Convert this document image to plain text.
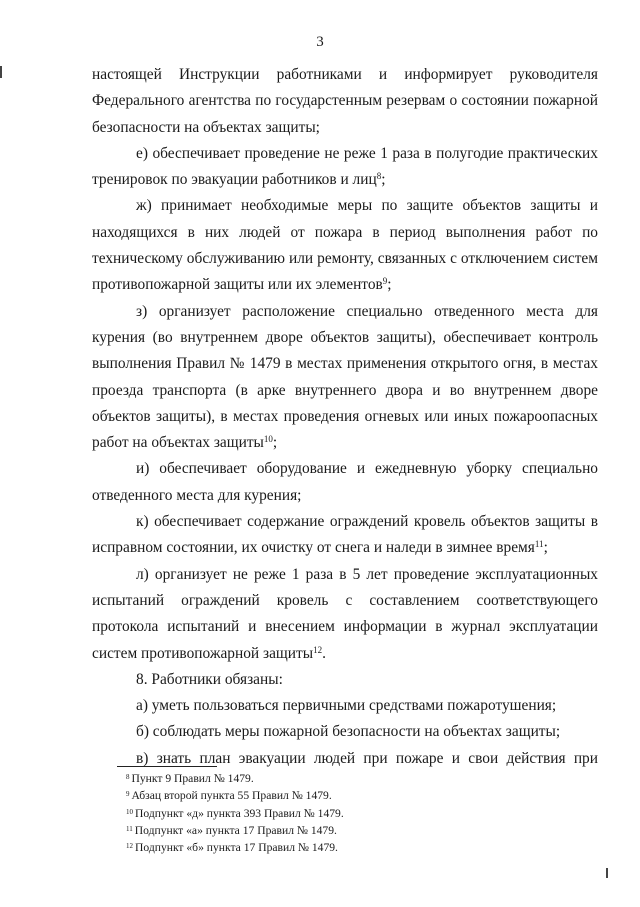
3

настоящей Инструкции работниками и информирует руководителя Федерального агентства по государстенным резервам о состоянии пожарной безопасности на объектах защиты;

е) обеспечивает проведение не реже 1 раза в полугодие практических тренировок по эвакуации работников и лиц$^8$;

ж) принимает необходимые меры по защите объектов защиты и находящихся в них людей от пожара в период выполнения работ по техническому обслуживанию или ремонту, связанных с отключением систем противопожарной защиты или их элементов$^9$;

з) организует расположение специально отведенного места для курения (во внутреннем дворе объектов защиты), обеспечивает контроль выполнения Правил № 1479 в местах применения открытого огня, в местах проезда транспорта (в арке внутреннего двора и во внутреннем дворе объектов защиты), в местах проведения огневых или иных пожароопасных работ на объектах защиты$^{10}$;

и) обеспечивает оборудование и ежедневную уборку специально отведенного места для курения;

к) обеспечивает содержание ограждений кровель объектов защиты в исправном состоянии, их очистку от снега и наледи в зимнее время$^{11}$;

л) организует не реже 1 раза в 5 лет проведение эксплуатационных испытаний ограждений кровель с составлением соответствующего протокола испытаний и внесением информации в журнал эксплуатации систем противопожарной защиты$^{12}$.

8. Работники обязаны:

а) уметь пользоваться первичными средствами пожаротушения;

б) соблюдать меры пожарной безопасности на объектах защиты;

в) знать план эвакуации людей при пожаре и свои действия при

$^8$ Пункт 9 Правил № 1479.

$^9$ Абзац второй пункта 55 Правил № 1479.

$^{10}$ Подпункт «д» пункта 393 Правил № 1479.

$^{11}$ Подпункт «а» пункта 17 Правил № 1479.

$^{12}$ Подпункт «б» пункта 17 Правил № 1479.
